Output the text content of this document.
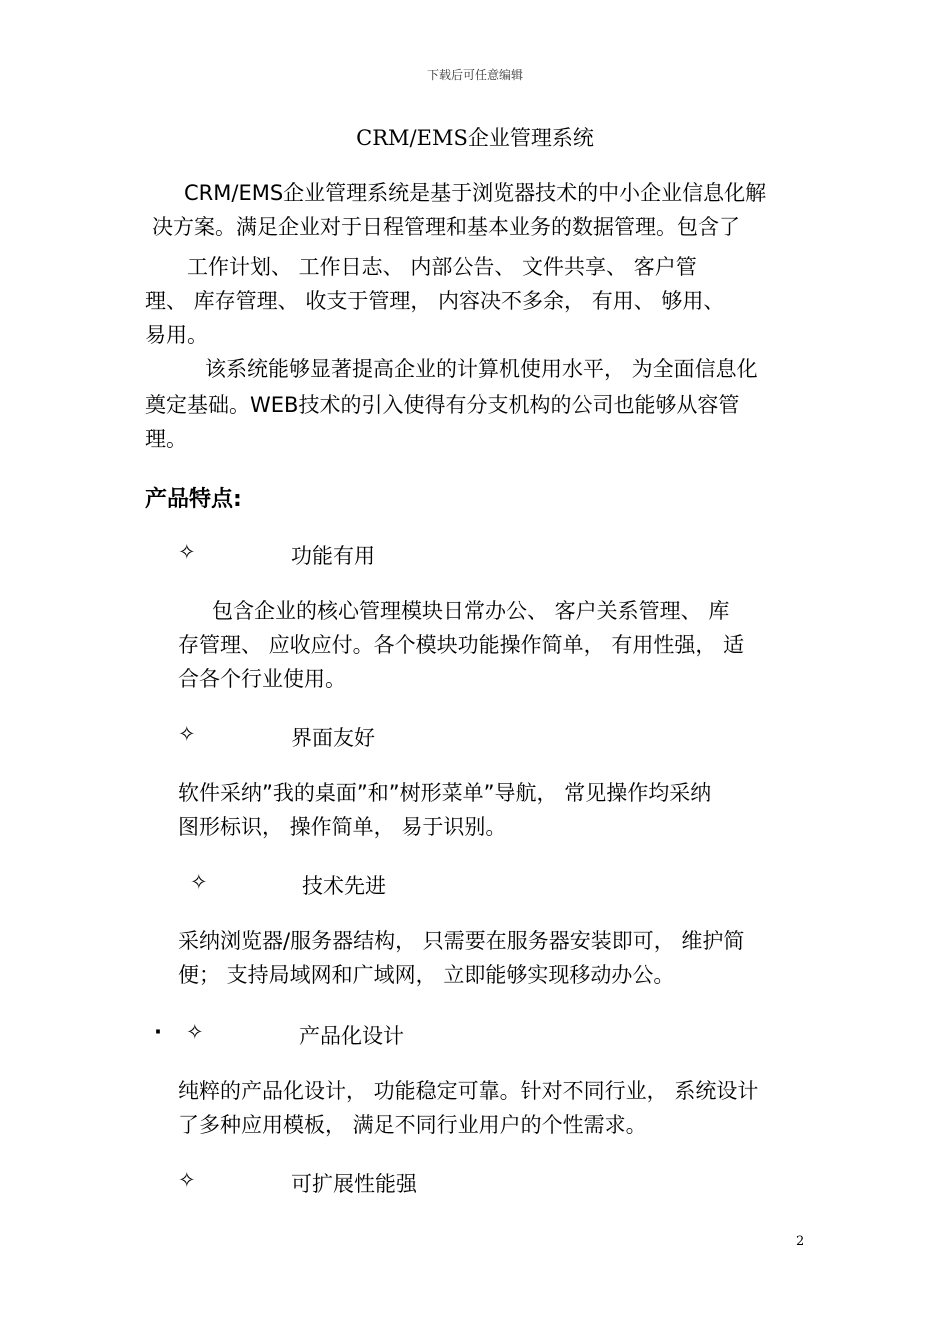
下载后可任意编辑
CRM/EMS企业管理系统
CRM/EMS企业管理系统是基于浏览器技术的中小企业信息化解
决方案。满足企业对于日程管理和基本业务的数据管理。包含了
工作计划、 工作日志、 内部公告、 文件共享、 客户管
理、 库存管理、 收支于管理， 内容决不多余， 有用、 够用、
易用。
该系统能够显著提高企业的计算机使用水平， 为全面信息化
奠定基础。WEB技术的引入使得有分支机构的公司也能够从容管
理。
产品特点:
✧	功能有用
包含企业的核心管理模块日常办公、 客户关系管理、 库
存管理、 应收应付。各个模块功能操作简单， 有用性强， 适
合各个行业使用。
✧	界面友好
软件采纳”我的桌面”和”树形菜单”导航， 常见操作均采纳
图形标识， 操作简单， 易于识别。
✧	技术先进
采纳浏览器/服务器结构， 只需要在服务器安装即可， 维护简
便； 支持局域网和广域网， 立即能够实现移动办公。
· ✧	产品化设计
纯粹的产品化设计， 功能稳定可靠。针对不同行业， 系统设计
了多种应用模板， 满足不同行业用户的个性需求。
✧	可扩展性能强
2
